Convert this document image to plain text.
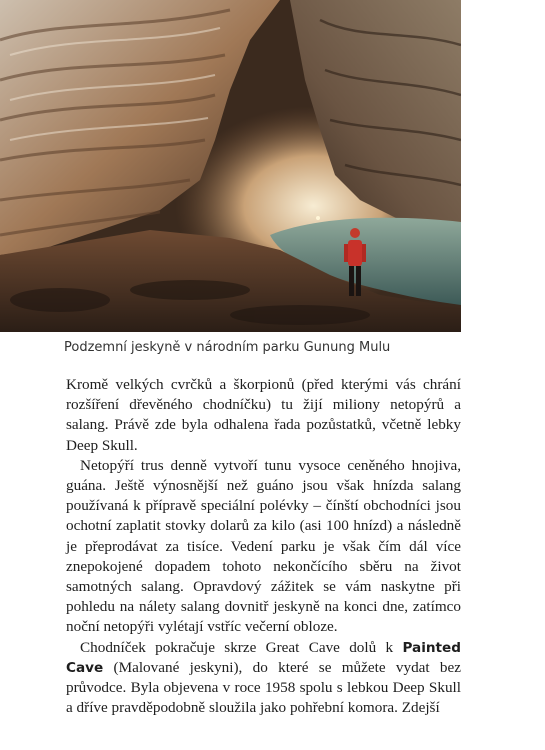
Podzemní jeskyně v národním parku Gunung Mulu

Kromě velkých cvrčků a škorpionů (před kterými vás chrání rozšíření dřevěného chodníčku) tu žijí miliony netopýrů a salang. Právě zde byla odhalena řada pozůstatků, včetně lebky Deep Skull.

Netopýří trus denně vytvoří tunu vysoce ceněného hnojiva, guána. Ještě výnosnější než guáno jsou však hnízda salang používaná k přípravě speciální polévky – čínští obchodníci jsou ochotní zaplatit stovky dolarů za kilo (asi 100 hnízd) a následně je přeprodávat za tisíce. Vedení parku je však čím dál více znepokojené dopadem tohoto nekončícího sběru na život samotných salang. Opravdový zážitek se vám naskytne při pohledu na nálety salang dovnitř jeskyně na konci dne, zatímco noční netopýři vylétají vstříc večerní obloze.

Chodníček pokračuje skrze Great Cave dolů k Painted Cave (Malované jeskyni), do které se můžete vydat bez průvodce. Byla objevena v roce 1958 spolu s lebkou Deep Skull a dříve pravděpodobně sloužila jako pohřební komora. Zdejší
